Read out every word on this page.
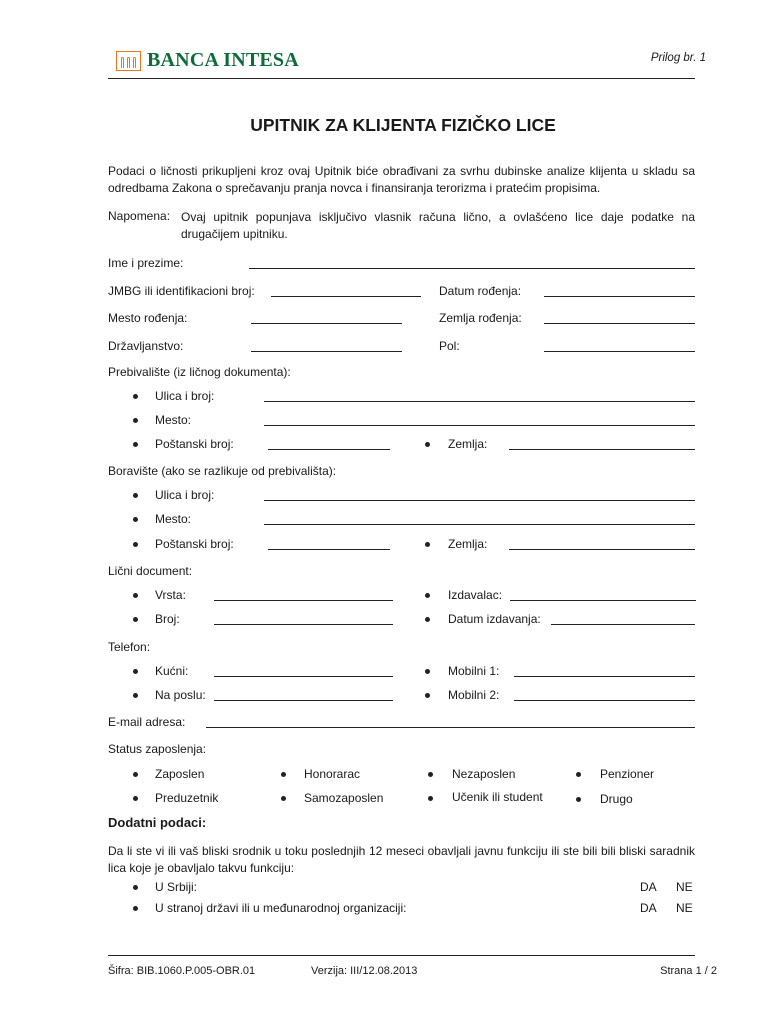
BANCA INTESA	Prilog br. 1
UPITNIK ZA KLIJENTA FIZIČKO LICE
Podaci o ličnosti prikupljeni kroz ovaj Upitnik biće obrađivani za svrhu dubinske analize klijenta u skladu sa odredbama Zakona o sprečavanju pranja novca i finansiranja terorizma i pratećim propisima.
Napomena: Ovaj upitnik popunjava isključivo vlasnik računa lično, a ovlašćeno lice daje podatke na drugačijem upitniku.
Ime i prezime:
JMBG ili identifikacioni broj:	Datum rođenja:
Mesto rođenja:	Zemlja rođenja:
Državljanstvo:	Pol:
Prebivalište (iz ličnog dokumenta):
Ulica i broj:
Mesto:
Poštanski broj:	Zemlja:
Boravište (ako se razlikuje od prebivališta):
Ulica i broj:
Mesto:
Poštanski broj:	Zemlja:
Lični document:
Vrsta:	Izdavalac:
Broj:	Datum izdavanja:
Telefon:
Kućni:	Mobilni 1:
Na poslu:	Mobilni 2:
E-mail adresa:
Status zaposlenja:
Zaposlen	Honorarac	Nezaposlen	Penzioner
Preduzetnik	Samozaposlen	Učenik ili student	Drugo
Dodatni podaci:
Da li ste vi ili vaš bliski srodnik u toku poslednjih 12 meseci obavljali javnu funkciju ili ste bili bili bliski saradnik lica koje je obavljalo takvu funkciju:
U Srbiji:	DA NE
U stranoj državi ili u međunarodnoj organizaciji:	DA NE
Šifra: BIB.1060.P.005-OBR.01	Verzija: III/12.08.2013	Strana 1 / 2
